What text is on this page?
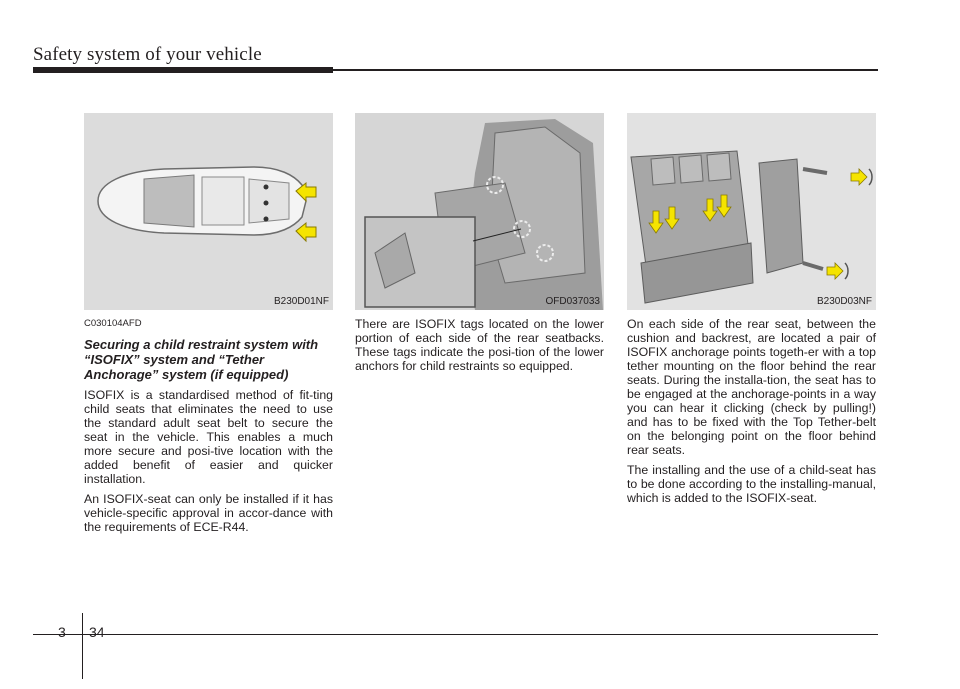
Safety system of your vehicle
B230D01NF	OFD037033	B230D03NF

C030104AFD

Securing a child restraint system with “ISOFIX” system and “Tether Anchorage” system (if equipped)

ISOFIX is a standardised method of fit-ting child seats that eliminates the need to use the standard adult seat belt to secure the seat in the vehicle. This enables a much more secure and posi-tive location with the added benefit of easier and quicker installation.

An ISOFIX-seat can only be installed if it has vehicle-specific approval in accor-dance with the requirements of ECE-R44.

There are ISOFIX tags located on the lower portion of each side of the rear seatbacks. These tags indicate the posi-tion of the lower anchors for child restraints so equipped.

On each side of the rear seat, between the cushion and backrest, are located a pair of ISOFIX anchorage points togeth-er with a top tether mounting on the floor behind the rear seats. During the installa-tion, the seat has to be engaged at the anchorage-points in a way you can hear it clicking (check by pulling!) and has to be fixed with the Top Tether-belt on the belonging point on the floor behind rear seats.

The installing and the use of a child-seat has to be done according to the installing-manual, which is added to the ISOFIX-seat.

3 34
